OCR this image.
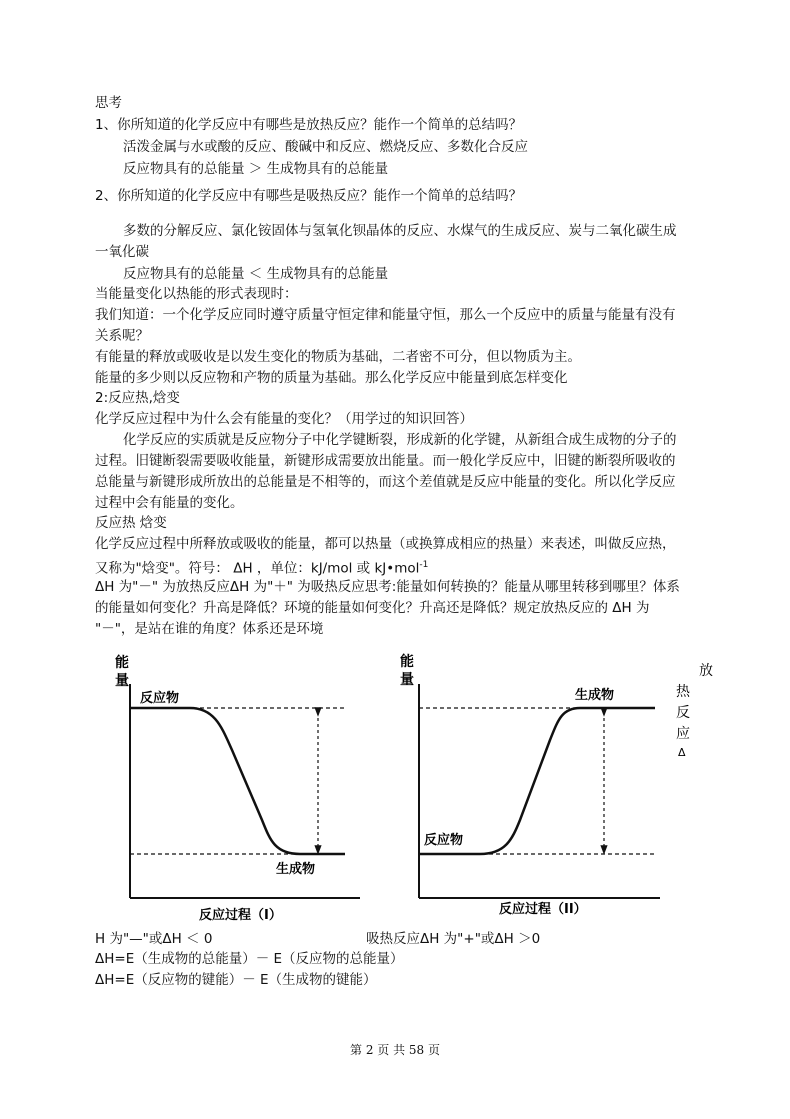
思考
1、你所知道的化学反应中有哪些是放热反应？能作一个简单的总结吗？
活泼金属与水或酸的反应、酸碱中和反应、燃烧反应、多数化合反应
反应物具有的总能量 ＞ 生成物具有的总能量
2、你所知道的化学反应中有哪些是吸热反应？能作一个简单的总结吗？
多数的分解反应、氯化铵固体与氢氧化钡晶体的反应、水煤气的生成反应、炭与二氧化碳生成
一氧化碳
反应物具有的总能量 ＜ 生成物具有的总能量
当能量变化以热能的形式表现时：
我们知道：一个化学反应同时遵守质量守恒定律和能量守恒，那么一个反应中的质量与能量有没有
关系呢？
有能量的释放或吸收是以发生变化的物质为基础，二者密不可分，但以物质为主。
能量的多少则以反应物和产物的质量为基础。那么化学反应中能量到底怎样变化
2:反应热,焓变
化学反应过程中为什么会有能量的变化？（用学过的知识回答）
化学反应的实质就是反应物分子中化学键断裂，形成新的化学键，从新组合成生成物的分子的
过程。旧键断裂需要吸收能量，新键形成需要放出能量。而一般化学反应中，旧键的断裂所吸收的
总能量与新键形成所放出的总能量是不相等的，而这个差值就是反应中能量的变化。所以化学反应
过程中会有能量的变化。
反应热 焓变
化学反应过程中所释放或吸收的能量，都可以热量（或换算成相应的热量）来表述，叫做反应热，
又称为"焓变"。符号： ΔH ，单位：kJ/mol 或 kJ•mol$^{-1}$
ΔH 为"－" 为放热反应ΔH 为"＋" 为吸热反应思考:能量如何转换的？能量从哪里转移到哪里？体系
的能量如何变化？升高是降低？环境的能量如何变化？升高还是降低？规定放热反应的 ΔH 为
"－"，是站在谁的角度？体系还是环境
能
量
反应物
生成物
反应过程（I）
能
量
生成物
反应物
反应过程（II）
放
热
反
应
Δ
H 为"—"或ΔH ＜ 0	吸热反应ΔH 为"+"或ΔH ＞0
ΔH=E（生成物的总能量）－ E（反应物的总能量）
ΔH=E（反应物的键能）－ E（生成物的键能）
第 2 页 共 58 页
